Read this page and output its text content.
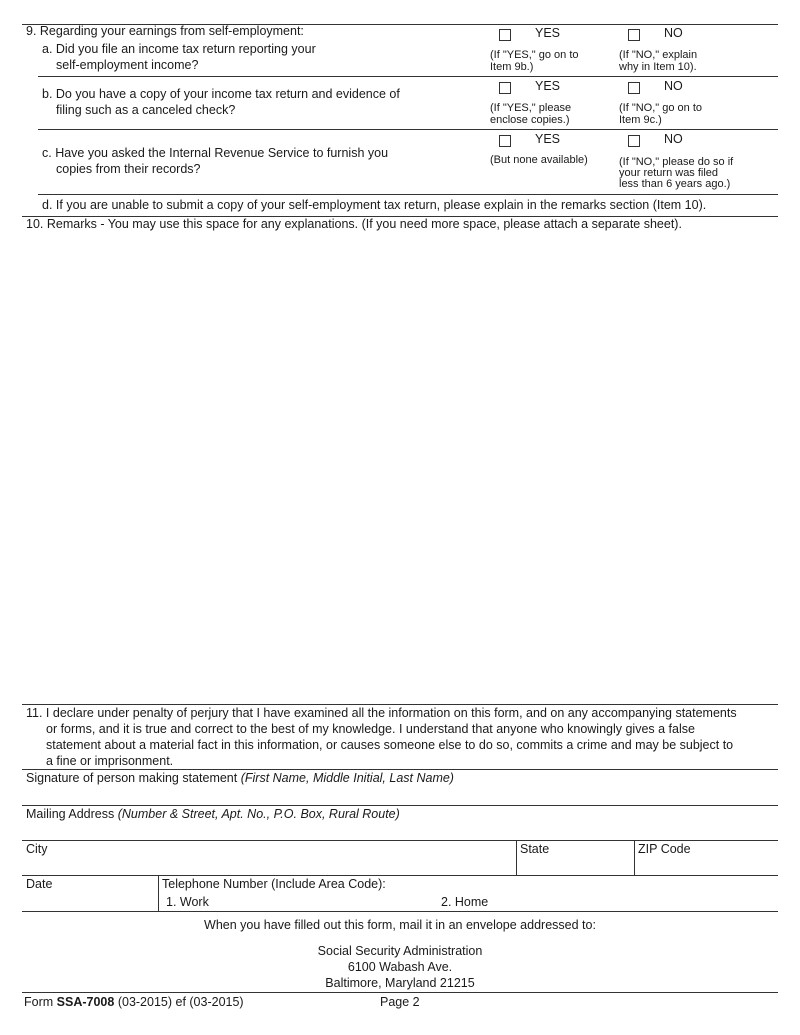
9. Regarding your earnings from self-employment:
a. Did you file an income tax return reporting your
self-employment income?
YES	NO
(If "YES," go on to
Item 9b.)
(If "NO," explain
why in Item 10).
b. Do you have a copy of your income tax return and evidence of
filing such as a canceled check?
YES	NO
(If "YES," please
enclose copies.)
(If "NO," go on to
Item 9c.)
c. Have you asked the Internal Revenue Service to furnish you
copies from their records?
YES	NO
(But none available)	(If "NO," please do so if
your return was filed
less than 6 years ago.)
d. If you are unable to submit a copy of your self-employment tax return, please explain in the remarks section (Item 10).
10. Remarks - You may use this space for any explanations. (If you need more space, please attach a separate sheet).
11. I declare under penalty of perjury that I have examined all the information on this form, and on any accompanying statements
or forms, and it is true and correct to the best of my knowledge. I understand that anyone who knowingly gives a false
statement about a material fact in this information, or causes someone else to do so, commits a crime and may be subject to
a fine or imprisonment.
Signature of person making statement (First Name, Middle Initial, Last Name)
Mailing Address (Number & Street, Apt. No., P.O. Box, Rural Route)
City	State	ZIP Code
Date	Telephone Number (Include Area Code):
1. Work	2. Home
When you have filled out this form, mail it in an envelope addressed to:
Social Security Administration
6100 Wabash Ave.
Baltimore, Maryland 21215
Form SSA-7008 (03-2015) ef (03-2015)	Page 2
